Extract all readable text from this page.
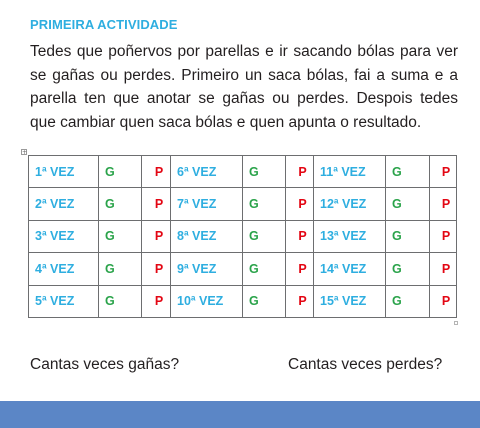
PRIMEIRA ACTIVIDADE
Tedes que poñervos por parellas e ir sacando bólas para ver se gañas ou perdes. Primeiro un saca bólas, fai a suma e a parella ten que anotar se gañas ou perdes. Despois tedes que cambiar quen saca bólas e quen apunta o resultado.
+
1ª VEZ	G	P	6ª VEZ	G	P	11ª VEZ	G	P
2ª VEZ	G	P	7ª VEZ	G	P	12ª VEZ	G	P
3ª VEZ	G	P	8ª VEZ	G	P	13ª VEZ	G	P
4ª VEZ	G	P	9ª VEZ	G	P	14ª VEZ	G	P
5ª VEZ	G	P	10ª VEZ	G	P	15ª VEZ	G	P
Cantas veces gañas?	Cantas veces perdes?
